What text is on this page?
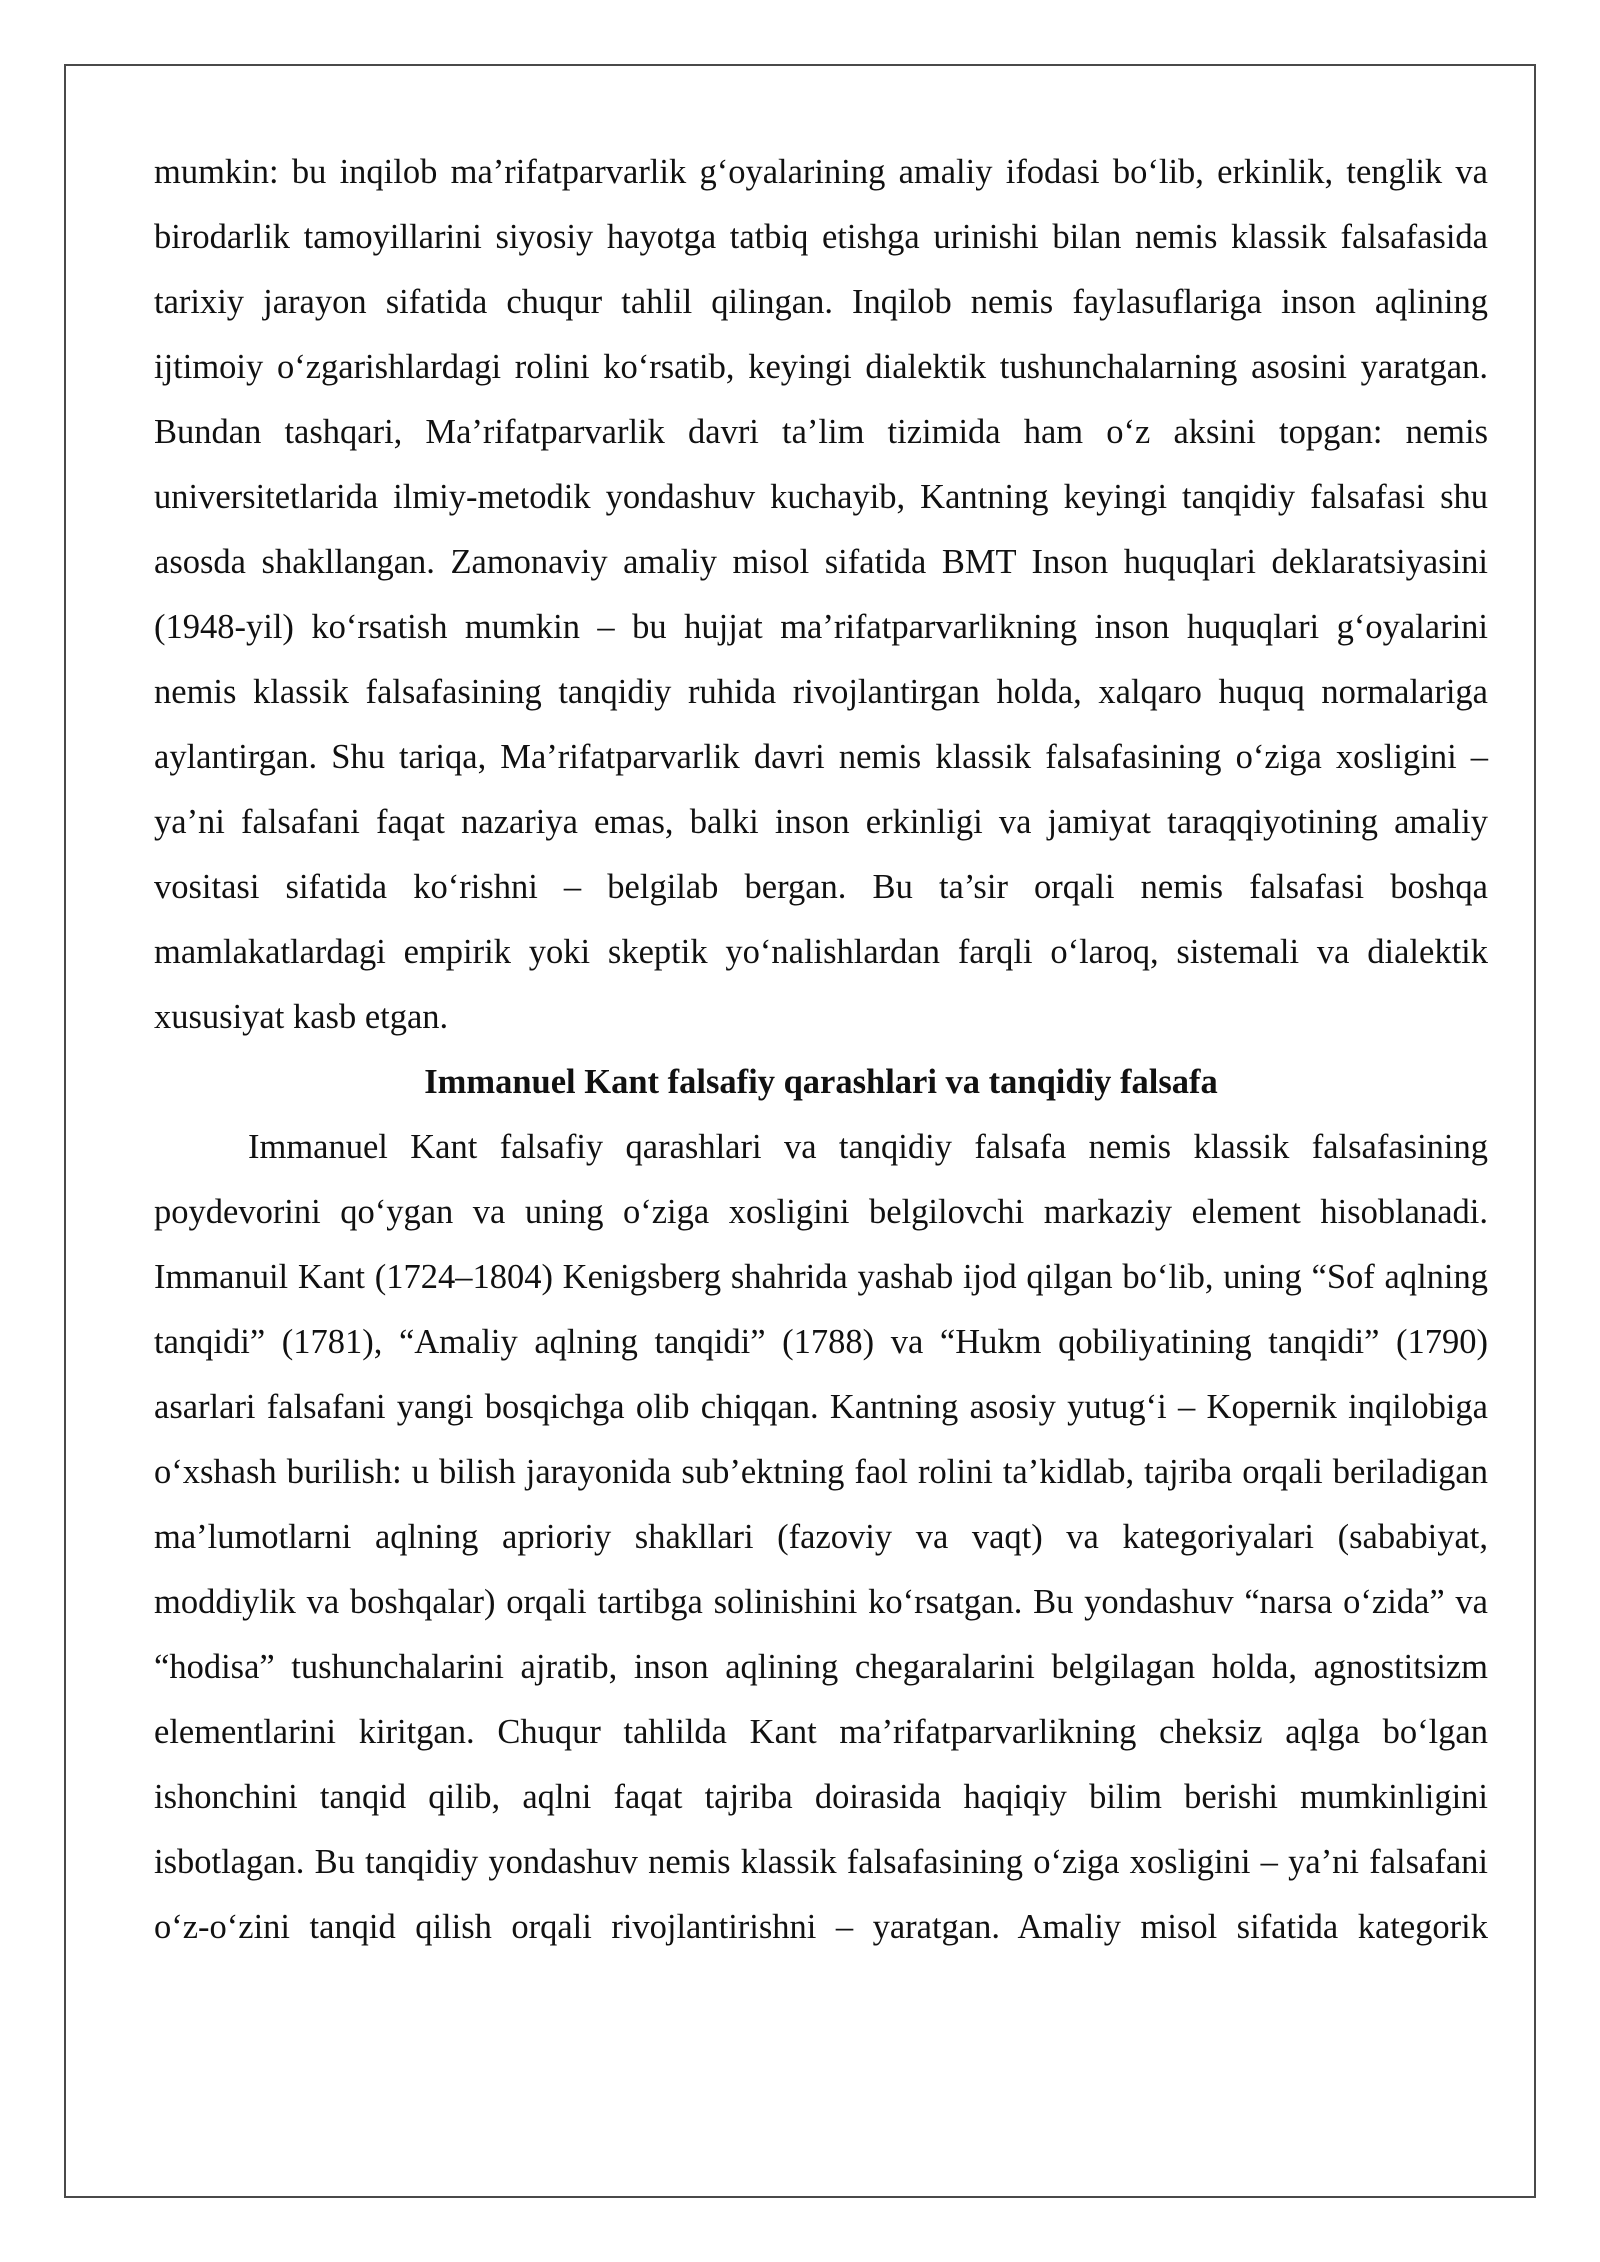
mumkin: bu inqilob ma’rifatparvarlik g‘oyalarining amaliy ifodasi bo‘lib, erkinlik, tenglik va birodarlik tamoyillarini siyosiy hayotga tatbiq etishga urinishi bilan nemis klassik falsafasida tarixiy jarayon sifatida chuqur tahlil qilingan. Inqilob nemis faylasuflariga inson aqlining ijtimoiy o‘zgarishlardagi rolini ko‘rsatib, keyingi dialektik tushunchalarning asosini yaratgan. Bundan tashqari, Ma’rifatparvarlik davri ta’lim tizimida ham o‘z aksini topgan: nemis universitetlarida ilmiy-metodik yondashuv kuchayib, Kantning keyingi tanqidiy falsafasi shu asosda shakllangan. Zamonaviy amaliy misol sifatida BMT Inson huquqlari deklaratsiyasini (1948-yil) ko‘rsatish mumkin – bu hujjat ma’rifatparvarlikning inson huquqlari g‘oyalarini nemis klassik falsafasining tanqidiy ruhida rivojlantirgan holda, xalqaro huquq normalariga aylantirgan. Shu tariqa, Ma’rifatparvarlik davri nemis klassik falsafasining o‘ziga xosligini – ya’ni falsafani faqat nazariya emas, balki inson erkinligi va jamiyat taraqqiyotining amaliy vositasi sifatida ko‘rishni – belgilab bergan. Bu ta’sir orqali nemis falsafasi boshqa mamlakatlardagi empirik yoki skeptik yo‘nalishlardan farqli o‘laroq, sistemali va dialektik xususiyat kasb etgan.

Immanuel Kant falsafiy qarashlari va tanqidiy falsafa

Immanuel Kant falsafiy qarashlari va tanqidiy falsafa nemis klassik falsafasining poydevorini qo‘ygan va uning o‘ziga xosligini belgilovchi markaziy element hisoblanadi. Immanuil Kant (1724–1804) Kenigsberg shahrida yashab ijod qilgan bo‘lib, uning “Sof aqlning tanqidi” (1781), “Amaliy aqlning tanqidi” (1788) va “Hukm qobiliyatining tanqidi” (1790) asarlari falsafani yangi bosqichga olib chiqqan. Kantning asosiy yutug‘i – Kopernik inqilobiga o‘xshash burilish: u bilish jarayonida sub’ektning faol rolini ta’kidlab, tajriba orqali beriladigan ma’lumotlarni aqlning aprioriy shakllari (fazoviy va vaqt) va kategoriyalari (sababiyat, moddiylik va boshqalar) orqali tartibga solinishini ko‘rsatgan. Bu yondashuv “narsa o‘zida” va “hodisa” tushunchalarini ajratib, inson aqlining chegaralarini belgilagan holda, agnostitsizm elementlarini kiritgan. Chuqur tahlilda Kant ma’rifatparvarlikning cheksiz aqlga bo‘lgan ishonchini tanqid qilib, aqlni faqat tajriba doirasida haqiqiy bilim berishi mumkinligini isbotlagan. Bu tanqidiy yondashuv nemis klassik falsafasining o‘ziga xosligini – ya’ni falsafani o‘z-o‘zini tanqid qilish orqali rivojlantirishni – yaratgan. Amaliy misol sifatida kategorik
